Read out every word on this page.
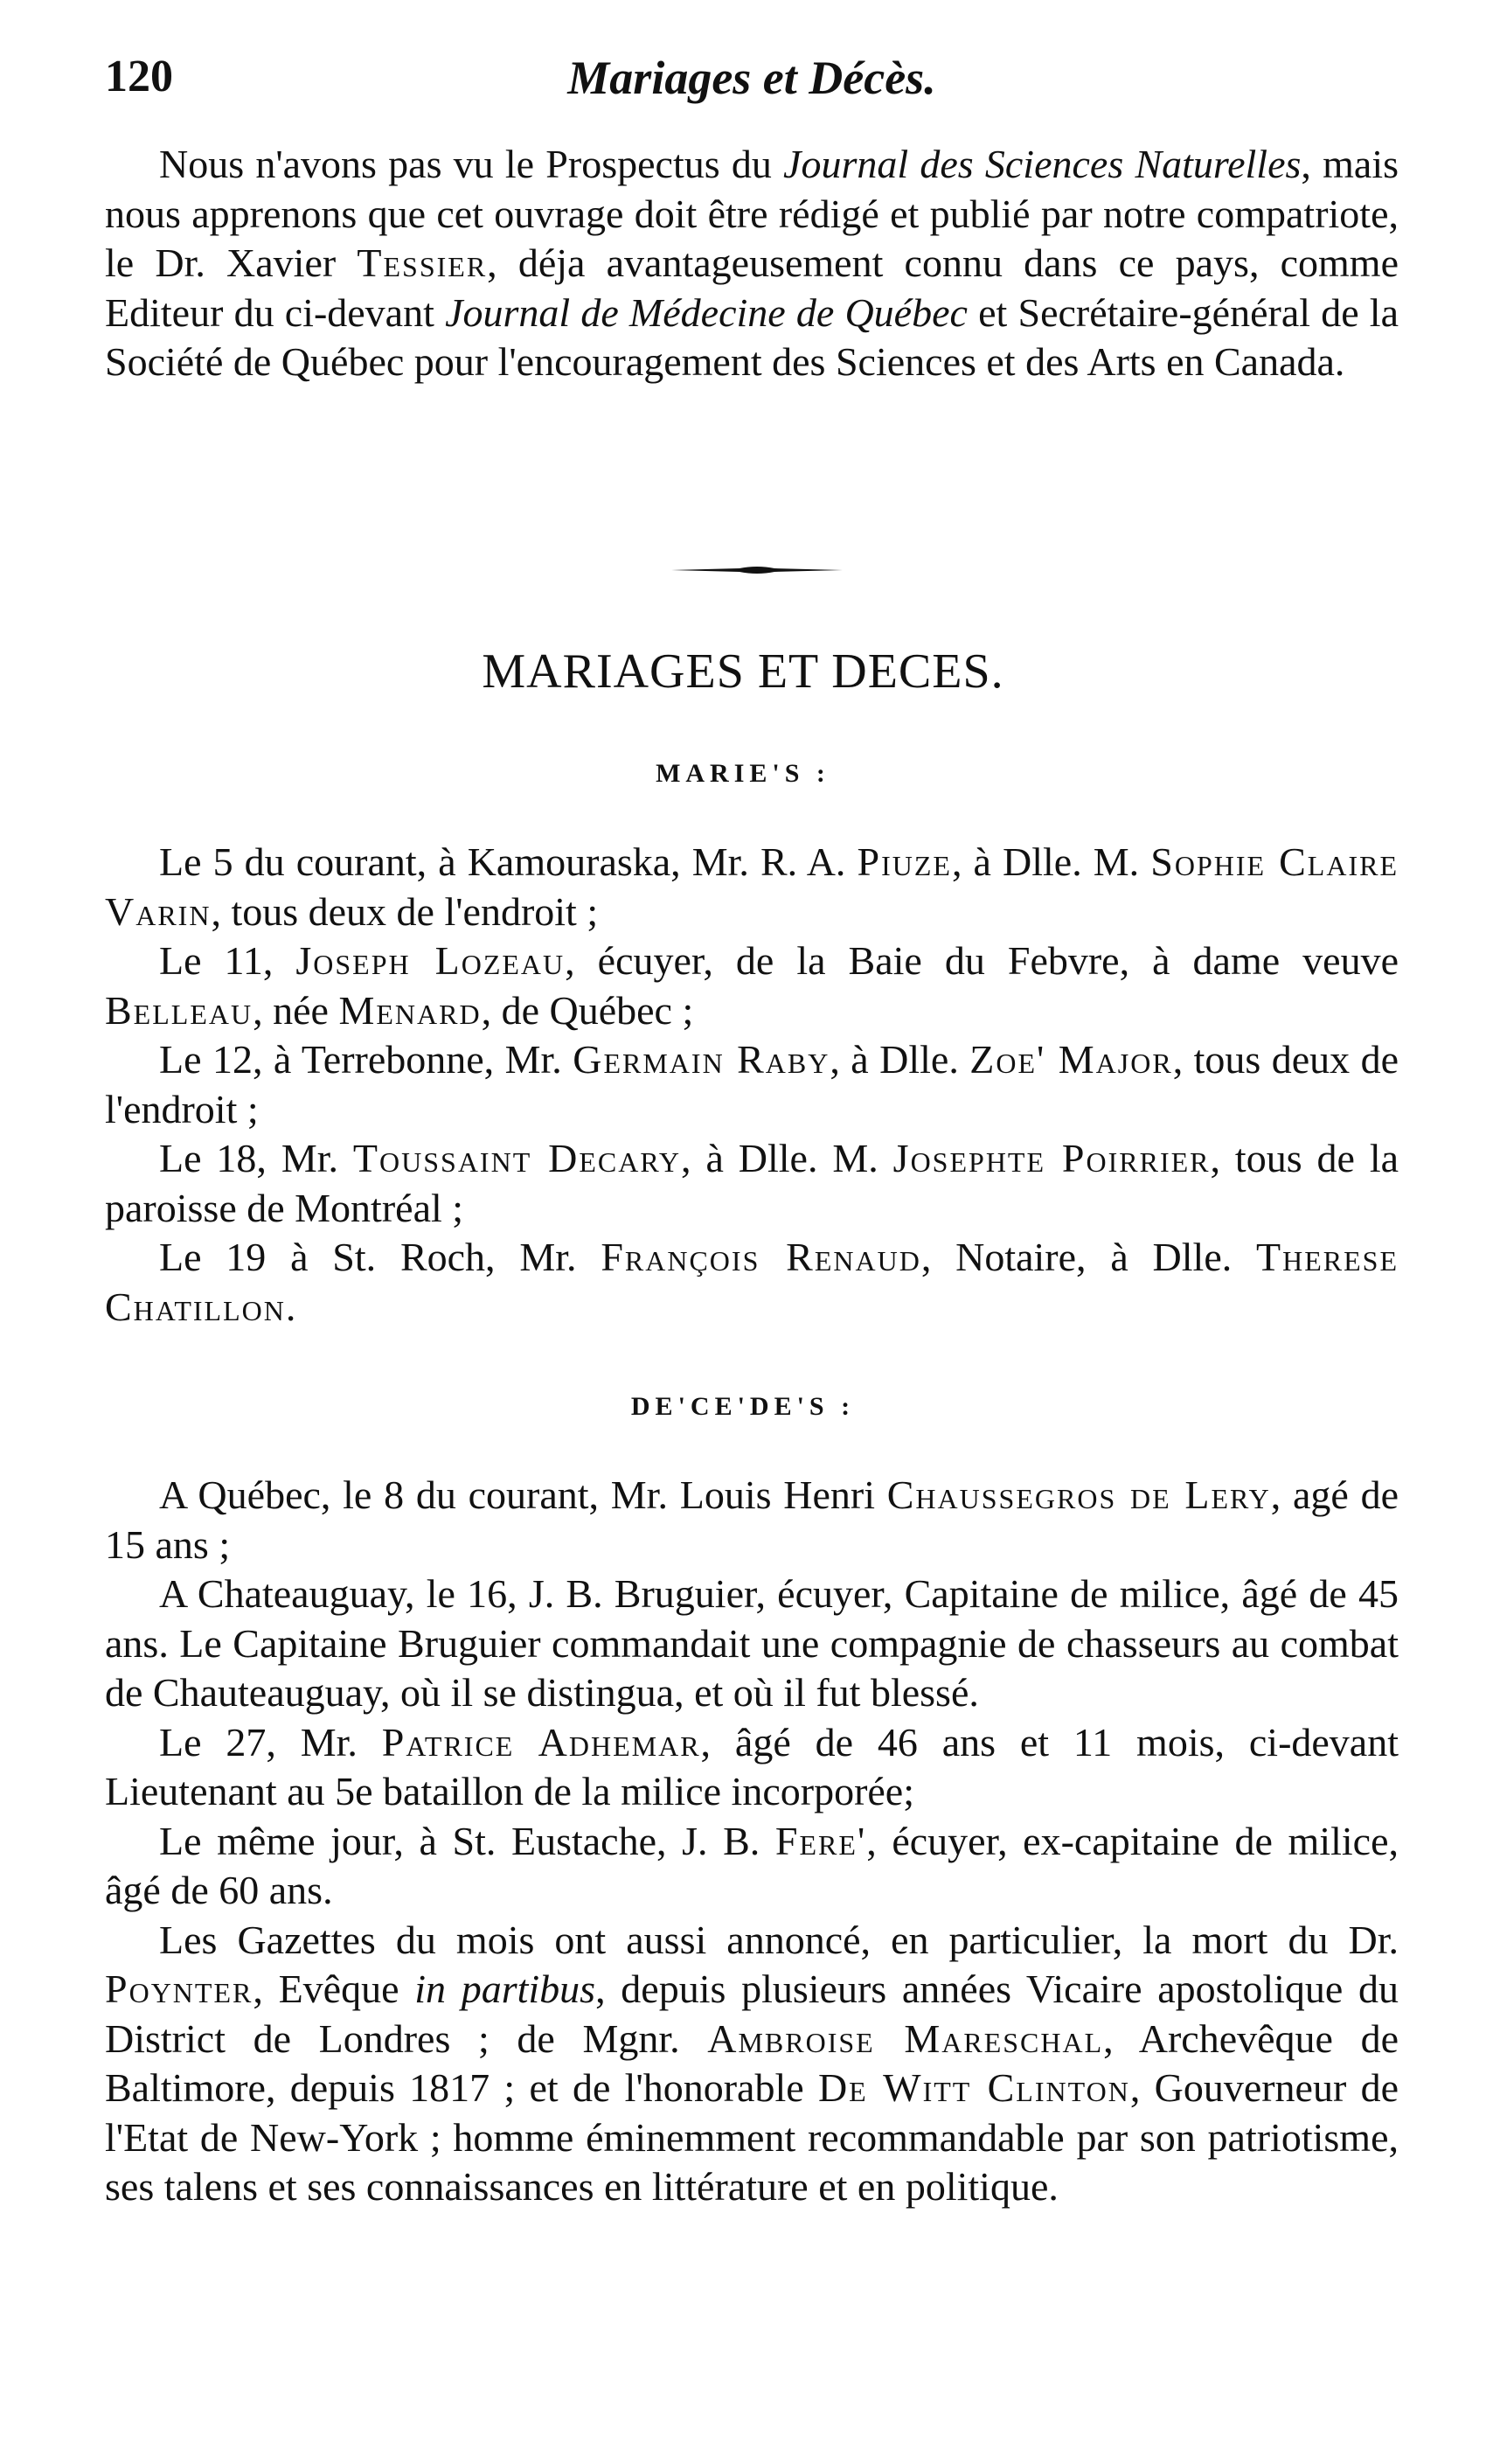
120	Mariages et Décès.

Nous n'avons pas vu le Prospectus du Journal des Sciences Naturelles, mais nous apprenons que cet ouvrage doit être rédigé et publié par notre compatriote, le Dr. Xavier Tessier, déja avantageusement connu dans ce pays, comme Editeur du ci-devant Journal de Médecine de Québec et Secrétaire-général de la Société de Québec pour l'encouragement des Sciences et des Arts en Canada.

MARIAGES ET DECES.
MARIE'S :

Le 5 du courant, à Kamouraska, Mr. R. A. Piuze, à Dlle. M. Sophie Claire Varin, tous deux de l'endroit ;

Le 11, Joseph Lozeau, écuyer, de la Baie du Febvre, à dame veuve Belleau, née Menard, de Québec ;

Le 12, à Terrebonne, Mr. Germain Raby, à Dlle. Zoe' Major, tous deux de l'endroit ;

Le 18, Mr. Toussaint Decary, à Dlle. M. Josephte Poirrier, tous de la paroisse de Montréal ;

Le 19 à St. Roch, Mr. François Renaud, Notaire, à Dlle. Therese Chatillon.

DE'CE'DE'S :

A Québec, le 8 du courant, Mr. Louis Henri Chaussegros de Lery, agé de 15 ans ;

A Chateauguay, le 16, J. B. Bruguier, écuyer, Capitaine de milice, âgé de 45 ans. Le Capitaine Bruguier commandait une compagnie de chasseurs au combat de Chauteauguay, où il se distingua, et où il fut blessé.

Le 27, Mr. Patrice Adhemar, âgé de 46 ans et 11 mois, ci-devant Lieutenant au 5e bataillon de la milice incorporée;

Le même jour, à St. Eustache, J. B. Fere', écuyer, ex-capitaine de milice, âgé de 60 ans.

Les Gazettes du mois ont aussi annoncé, en particulier, la mort du Dr. Poynter, Evêque in partibus, depuis plusieurs années Vicaire apostolique du District de Londres ; de Mgnr. Ambroise Mareschal, Archevêque de Baltimore, depuis 1817 ; et de l'honorable De Witt Clinton, Gouverneur de l'Etat de New-York ; homme éminemment recommandable par son patriotisme, ses talens et ses connaissances en littérature et en politique.
